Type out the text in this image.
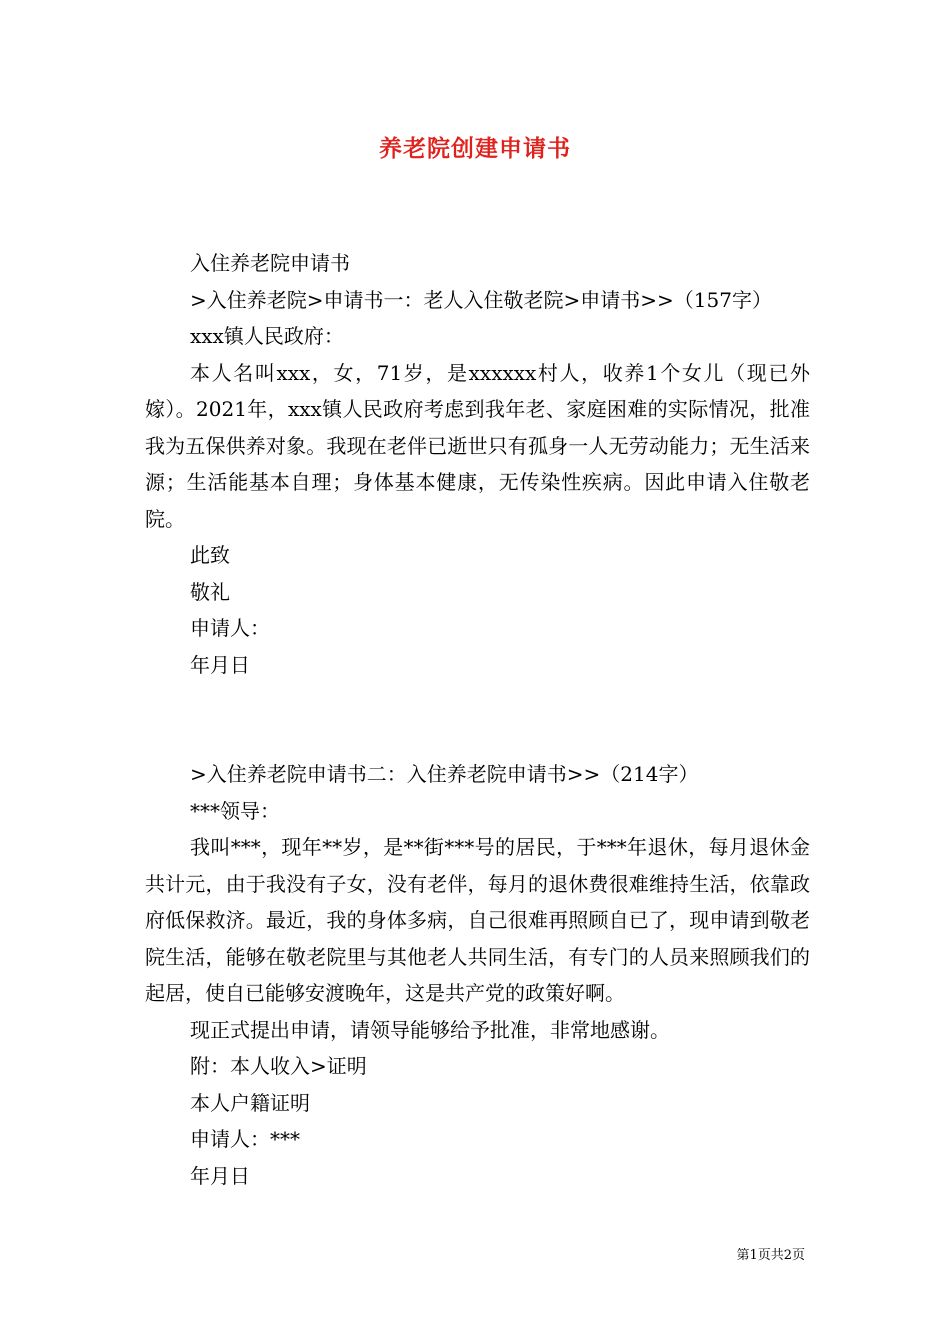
养老院创建申请书

入住养老院申请书

>入住养老院>申请书一：老人入住敬老院>申请书>>（157字）

xxx镇人民政府：

本人名叫xxx，女，71岁，是xxxxxx村人，收养1个女儿（现已外嫁）。2021年，xxx镇人民政府考虑到我年老、家庭困难的实际情况，批准我为五保供养对象。我现在老伴已逝世只有孤身一人无劳动能力；无生活来源；生活能基本自理；身体基本健康，无传染性疾病。因此申请入住敬老院。

此致

敬礼

申请人：

年月日

>入住养老院申请书二：入住养老院申请书>>（214字）

***领导：

我叫***，现年**岁，是**街***号的居民，于***年退休，每月退休金共计元，由于我没有子女，没有老伴，每月的退休费很难维持生活，依靠政府低保救济。最近，我的身体多病，自己很难再照顾自已了，现申请到敬老院生活，能够在敬老院里与其他老人共同生活，有专门的人员来照顾我们的起居，使自已能够安渡晚年，这是共产党的政策好啊。

现正式提出申请，请领导能够给予批准，非常地感谢。

附：本人收入>证明

本人户籍证明

申请人：***

年月日

第1页共2页
